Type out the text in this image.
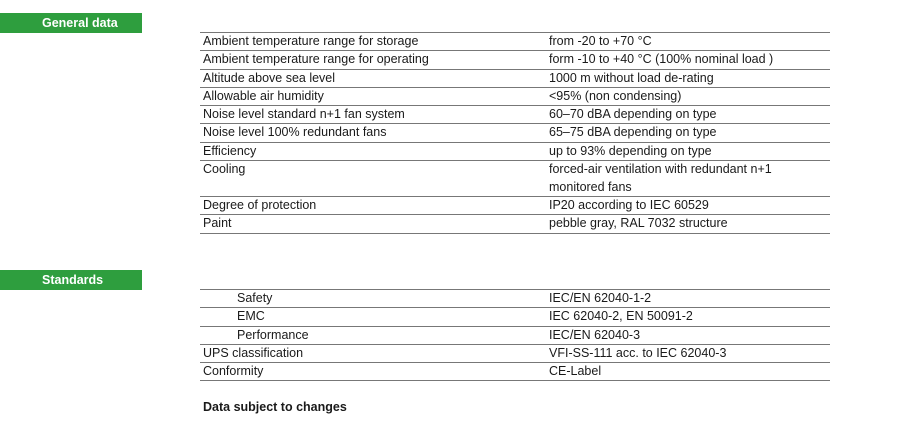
General data
Ambient temperature range for storage	from -20 to +70 °C
Ambient temperature range for operating	form -10 to +40 °C (100% nominal load )
Altitude above sea level	1000 m without load de-rating
Allowable air humidity	<95% (non condensing)
Noise level standard n+1 fan system	60–70 dBA depending on type
Noise level 100% redundant fans	65–75 dBA depending on type
Efficiency	up to 93% depending on type
Cooling	forced-air ventilation with redundant n+1 monitored fans
Degree of protection	IP20 according to IEC 60529
Paint	pebble gray, RAL 7032 structure
Standards
Safety	IEC/EN 62040-1-2
EMC	IEC 62040-2, EN 50091-2
Performance	IEC/EN 62040-3
UPS classification	VFI-SS-111 acc. to IEC 62040-3
Conformity	CE-Label
Data subject to changes
